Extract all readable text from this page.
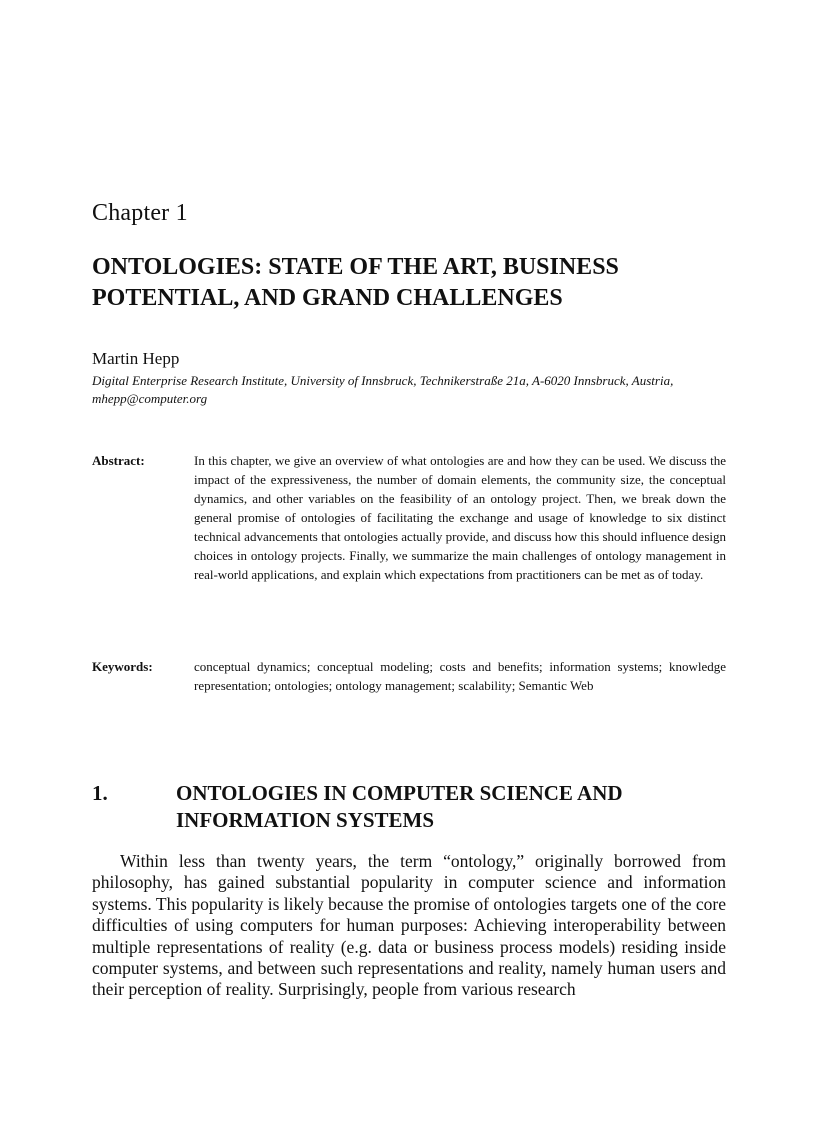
Chapter 1
ONTOLOGIES: STATE OF THE ART, BUSINESS POTENTIAL, AND GRAND CHALLENGES
Martin Hepp
Digital Enterprise Research Institute, University of Innsbruck, Technikerstraße 21a, A-6020 Innsbruck, Austria, mhepp@computer.org
Abstract:	In this chapter, we give an overview of what ontologies are and how they can be used. We discuss the impact of the expressiveness, the number of domain elements, the community size, the conceptual dynamics, and other variables on the feasibility of an ontology project. Then, we break down the general promise of ontologies of facilitating the exchange and usage of knowledge to six distinct technical advancements that ontologies actually provide, and discuss how this should influence design choices in ontology projects. Finally, we summarize the main challenges of ontology management in real-world applications, and explain which expectations from practitioners can be met as of today.
Keywords:	conceptual dynamics; conceptual modeling; costs and benefits; information systems; knowledge representation; ontologies; ontology management; scalability; Semantic Web
1.	ONTOLOGIES IN COMPUTER SCIENCE AND INFORMATION SYSTEMS

Within less than twenty years, the term “ontology,” originally borrowed from philosophy, has gained substantial popularity in computer science and information systems. This popularity is likely because the promise of ontologies targets one of the core difficulties of using computers for human purposes: Achieving interoperability between multiple representations of reality (e.g. data or business process models) residing inside computer systems, and between such representations and reality, namely human users and their perception of reality. Surprisingly, people from various research
